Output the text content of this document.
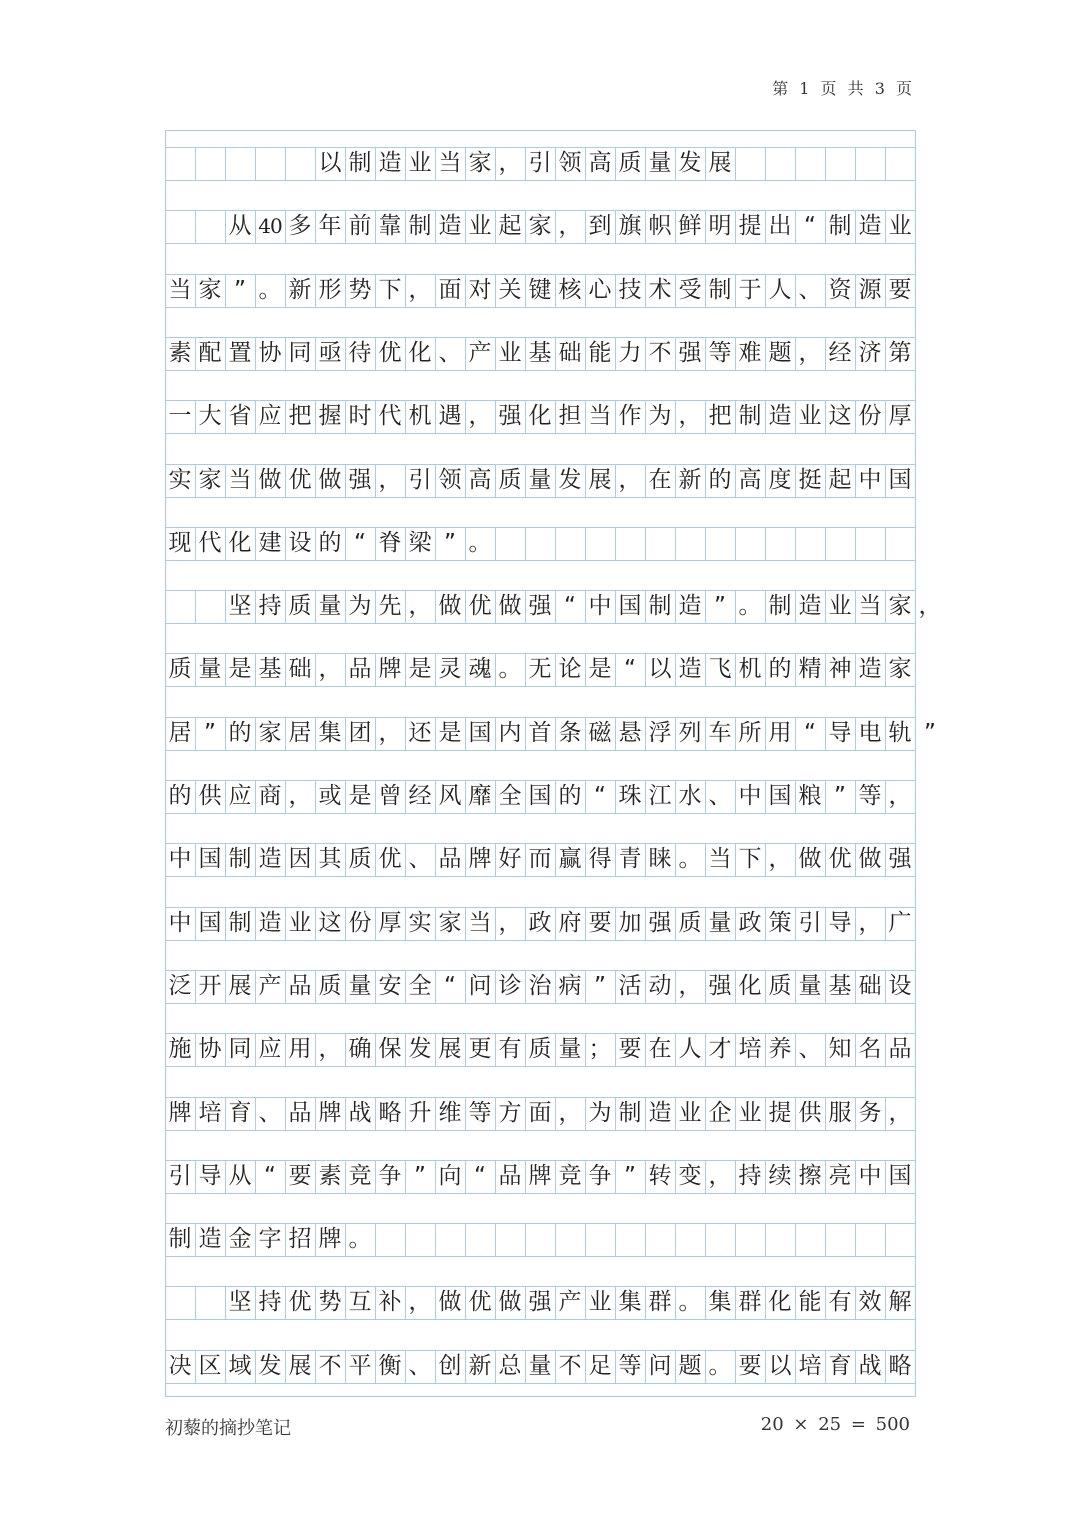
第 1 页 共 3 页
以 制 造 业 当 家 ， 引 领 高 质 量 发 展
从 40 多 年 前 靠 制 造 业 起 家 ， 到 旗 帜 鲜 明 提 出 “ 制 造 业
当 家 ” 。 新 形 势 下 ， 面 对 关 键 核 心 技 术 受 制 于 人 、 资 源 要
素 配 置 协 同 亟 待 优 化 、 产 业 基 础 能 力 不 强 等 难 题 ， 经 济 第
一 大 省 应 把 握 时 代 机 遇 ， 强 化 担 当 作 为 ， 把 制 造 业 这 份 厚
实 家 当 做 优 做 强 ， 引 领 高 质 量 发 展 ， 在 新 的 高 度 挺 起 中 国
现 代 化 建 设 的 “ 脊 梁 ” 。
坚 持 质 量 为 先 ， 做 优 做 强 “ 中 国 制 造 ” 。 制 造 业 当 家 ，
质 量 是 基 础 ， 品 牌 是 灵 魂 。 无 论 是 “ 以 造 飞 机 的 精 神 造 家
居 ” 的 家 居 集 团 ， 还 是 国 内 首 条 磁 悬 浮 列 车 所 用 “ 导 电 轨 ”
的 供 应 商 ， 或 是 曾 经 风 靡 全 国 的 “ 珠 江 水 、 中 国 粮 ” 等 ，
中 国 制 造 因 其 质 优 、 品 牌 好 而 赢 得 青 睐 。 当 下 ， 做 优 做 强
中 国 制 造 业 这 份 厚 实 家 当 ， 政 府 要 加 强 质 量 政 策 引 导 ， 广
泛 开 展 产 品 质 量 安 全 “ 问 诊 治 病 ” 活 动 ， 强 化 质 量 基 础 设
施 协 同 应 用 ， 确 保 发 展 更 有 质 量 ； 要 在 人 才 培 养 、 知 名 品
牌 培 育 、 品 牌 战 略 升 维 等 方 面 ， 为 制 造 业 企 业 提 供 服 务 ，
引 导 从 “ 要 素 竞 争 ” 向 “ 品 牌 竞 争 ” 转 变 ， 持 续 擦 亮 中 国
制 造 金 字 招 牌 。
坚 持 优 势 互 补 ， 做 优 做 强 产 业 集 群 。 集 群 化 能 有 效 解
决 区 域 发 展 不 平 衡 、 创 新 总 量 不 足 等 问 题 。 要 以 培 育 战 略
初藜的摘抄笔记	20 × 25 = 500
